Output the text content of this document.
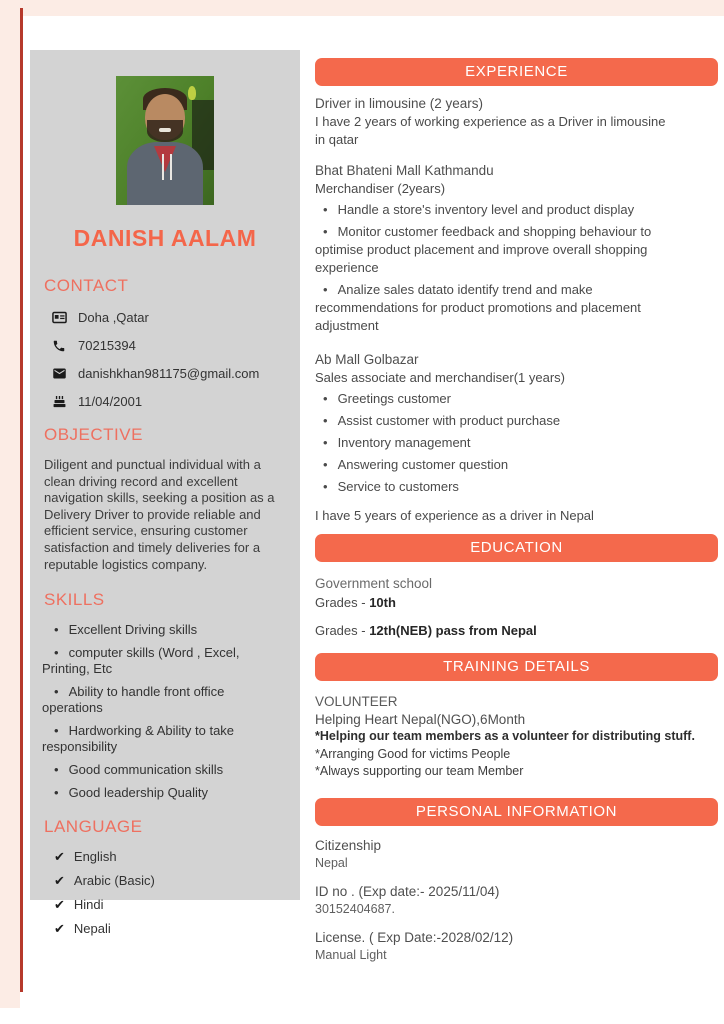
DANISH AALAM
CONTACT
Doha ,Qatar
70215394
danishkhan981175@gmail.com
11/04/2001
OBJECTIVE
Diligent and punctual individual with a clean driving record and excellent navigation skills, seeking a position as a Delivery Driver to provide reliable and efficient service, ensuring customer satisfaction and timely deliveries for a reputable logistics company.
SKILLS
• Excellent Driving skills
• computer skills (Word , Excel, Printing, Etc
• Ability to handle front office operations
• Hardworking & Ability to take responsibility
• Good communication skills
• Good leadership Quality
LANGUAGE
✔ English
✔ Arabic (Basic)
✔ Hindi
✔ Nepali
EXPERIENCE
Driver in limousine (2 years)
I have 2 years of working experience as a Driver in limousine in qatar
Bhat Bhateni Mall Kathmandu
Merchandiser (2years)
• Handle a store's inventory level and product display
• Monitor customer feedback and shopping behaviour to optimise product placement and improve overall shopping experience
• Analize sales datato identify trend and make recommendations for product promotions and placement adjustment
Ab Mall Golbazar
Sales associate and merchandiser(1 years)
• Greetings customer
• Assist customer with product purchase
• Inventory management
• Answering customer question
• Service to customers
I have 5 years of experience as a driver in Nepal
EDUCATION
Government school
Grades - 10th
Grades - 12th(NEB) pass from Nepal
TRAINING DETAILS
VOLUNTEER
Helping Heart Nepal(NGO),6Month
*Helping our team members as a volunteer for distributing stuff.
*Arranging Good for victims People
*Always supporting our team Member
PERSONAL INFORMATION
Citizenship
Nepal
ID no . (Exp date:- 2025/11/04)
30152404687.
License. ( Exp Date:-2028/02/12)
Manual Light
